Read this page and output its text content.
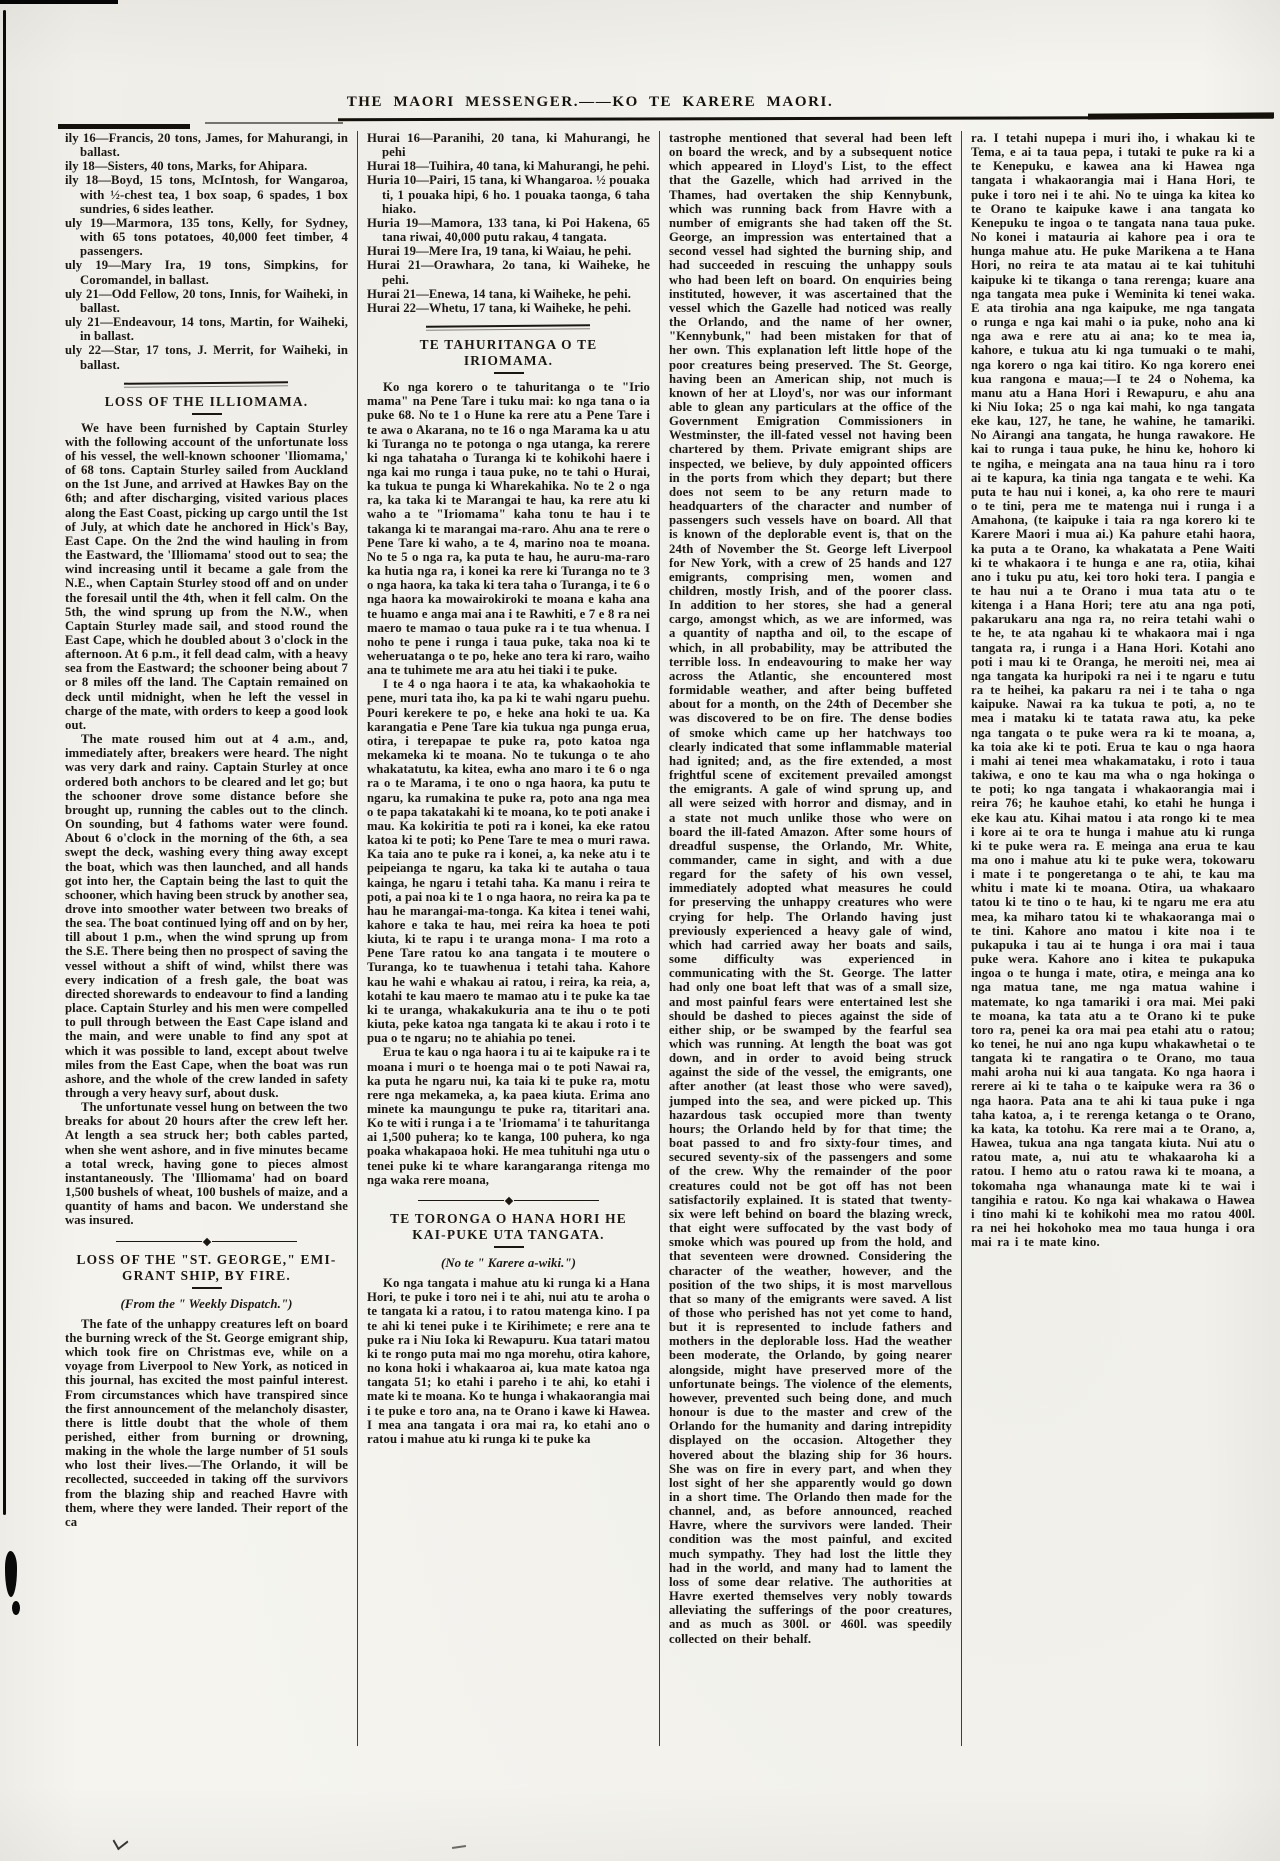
THE MAORI MESSENGER.——KO TE KARERE MAORI.
ily 16—Francis, 20 tons, James, for Mahurangi, in ballast.
ily 18—Sisters, 40 tons, Marks, for Ahipara.
ily 18—Boyd, 15 tons, McIntosh, for Wangaroa, with ½-chest tea, 1 box soap, 6 spades, 1 box sundries, 6 sides leather.
uly 19—Marmora, 135 tons, Kelly, for Sydney, with 65 tons potatoes, 40,000 feet timber, 4 passengers.
uly 19—Mary Ira, 19 tons, Simpkins, for Coromandel, in ballast.
uly 21—Odd Fellow, 20 tons, Innis, for Waiheki, in ballast.
uly 21—Endeavour, 14 tons, Martin, for Waiheki, in ballast.
uly 22—Star, 17 tons, J. Merrit, for Waiheki, in ballast.
LOSS OF THE ILLIOMAMA.
We have been furnished by Captain Sturley with the following account of the unfortunate loss of his vessel, the well-known schooner 'Iliomama,' of 68 tons. Captain Sturley sailed from Auckland on the 1st June, and arrived at Hawkes Bay on the 6th; and after discharging, visited various places along the East Coast, picking up cargo until the 1st of July, at which date he anchored in Hick's Bay, East Cape. On the 2nd the wind hauling in from the Eastward, the 'Illiomama' stood out to sea; the wind increasing until it became a gale from the N.E., when Captain Sturley stood off and on under the foresail until the 4th, when it fell calm. On the 5th, the wind sprung up from the N.W., when Captain Sturley made sail, and stood round the East Cape, which he doubled about 3 o'clock in the afternoon. At 6 p.m., it fell dead calm, with a heavy sea from the Eastward; the schooner being about 7 or 8 miles off the land. The Captain remained on deck until midnight, when he left the vessel in charge of the mate, with orders to keep a good look out.
The mate roused him out at 4 a.m., and, immediately after, breakers were heard. The night was very dark and rainy. Captain Sturley at once ordered both anchors to be cleared and let go; but the schooner drove some distance before she brought up, running the cables out to the clinch. On sounding, but 4 fathoms water were found. About 6 o'clock in the morning of the 6th, a sea swept the deck, washing every thing away except the boat, which was then launched, and all hands got into her, the Captain being the last to quit the schooner, which having been struck by another sea, drove into smoother water between two breaks of the sea. The boat continued lying off and on by her, till about 1 p.m., when the wind sprung up from the S.E. There being then no prospect of saving the vessel without a shift of wind, whilst there was every indication of a fresh gale, the boat was directed shorewards to endeavour to find a landing place. Captain Sturley and his men were compelled to pull through between the East Cape island and the main, and were unable to find any spot at which it was possible to land, except about twelve miles from the East Cape, when the boat was run ashore, and the whole of the crew landed in safety through a very heavy surf, about dusk.
The unfortunate vessel hung on between the two breaks for about 20 hours after the crew left her. At length a sea struck her; both cables parted, when she went ashore, and in five minutes became a total wreck, having gone to pieces almost instantaneously. The 'Illiomama' had on board 1,500 bushels of wheat, 100 bushels of maize, and a quantity of hams and bacon. We understand she was insured.
LOSS OF THE "ST. GEORGE," EMI-GRANT SHIP, BY FIRE.
(From the " Weekly Dispatch.")
The fate of the unhappy creatures left on board the burning wreck of the St. George emigrant ship, which took fire on Christmas eve, while on a voyage from Liverpool to New York, as noticed in this journal, has excited the most painful interest. From circumstances which have transpired since the first announcement of the melancholy disaster, there is little doubt that the whole of them perished, either from burning or drowning, making in the whole the large number of 51 souls who lost their lives.—The Orlando, it will be recollected, succeeded in taking off the survivors from the blazing ship and reached Havre with them, where they were landed. Their report of the ca
Hurai 16—Paranihi, 20 tana, ki Mahurangi, he pehi
Hurai 18—Tuihira, 40 tana, ki Mahurangi, he pehi.
Huria 10—Pairi, 15 tana, ki Whangaroa. ½ pouaka ti, 1 pouaka hipi, 6 ho. 1 pouaka taonga, 6 taha hiako.
Huria 19—Mamora, 133 tana, ki Poi Hakena, 65 tana riwai, 40,000 putu rakau, 4 tangata.
Hurai 19—Mere Ira, 19 tana, ki Waiau, he pehi.
Hurai 21—Orawhara, 2o tana, ki Waiheke, he pehi.
Hurai 21—Enewa, 14 tana, ki Waiheke, he pehi.
Hurai 22—Whetu, 17 tana, ki Waiheke, he pehi.
TE TAHURITANGA O TE IRIOMAMA.
Ko nga korero o te tahuritanga o te "Irio mama" na Pene Tare i tuku mai: ko nga tana o ia puke 68. No te 1 o Hune ka rere atu a Pene Tare i te awa o Akarana, no te 16 o nga Marama ka u atu ki Turanga no te potonga o nga utanga, ka rerere ki nga tahataha o Turanga ki te kohikohi haere i nga kai mo runga i taua puke, no te tahi o Hurai, ka tukua te punga ki Wharekahika. No te 2 o nga ra, ka taka ki te Marangai te hau, ka rere atu ki waho a te "Iriomama" kaha tonu te hau i te takanga ki te marangai ma-raro. Ahu ana te rere o Pene Tare ki waho, a te 4, marino noa te moana. No te 5 o nga ra, ka puta te hau, he auru-ma-raro ka hutia nga ra, i konei ka rere ki Turanga no te 3 o nga haora, ka taka ki tera taha o Turanga, i te 6 o nga haora ka mowairokiroki te moana e kaha ana te huamo e anga mai ana i te Rawhiti, e 7 e 8 ra nei maero te mamao o taua puke ra i te tua whenua. I noho te pene i runga i taua puke, taka noa ki te weheruatanga o te po, heke ano tera ki raro, waiho ana te tuhimete me ara atu hei tiaki i te puke.
I te 4 o nga haora i te ata, ka whakaohokia te pene, muri tata iho, ka pa ki te wahi ngaru puehu. Pouri kerekere te po, e heke ana hoki te ua. Ka karangatia e Pene Tare kia tukua nga punga erua, otira, i terepapae te puke ra, poto katoa nga mekameka ki te moana. No te tukunga o te aho whakatatutu, ka kitea, ewha ano maro i te 6 o nga ra o te Marama, i te ono o nga haora, ka putu te ngaru, ka rumakina te puke ra, poto ana nga mea o te papa takatakahi ki te moana, ko te poti anake i mau. Ka kokiritia te poti ra i konei, ka eke ratou katoa ki te poti; ko Pene Tare te mea o muri rawa. Ka taia ano te puke ra i konei, a, ka neke atu i te peipeianga te ngaru, ka taka ki te autaha o taua kainga, he ngaru i tetahi taha. Ka manu i reira te poti, a pai noa ki te 1 o nga haora, no reira ka pa te hau he marangai-ma-tonga. Ka kitea i tenei wahi, kahore e taka te hau, mei reira ka hoea te poti kiuta, ki te rapu i te uranga mona- I ma roto a Pene Tare ratou ko ana tangata i te moutere o Turanga, ko te tuawhenua i tetahi taha. Kahore kau he wahi e whakau ai ratou, i reira, ka reia, a, kotahi te kau maero te mamao atu i te puke ka tae ki te uranga, whakakukuria ana te ihu o te poti kiuta, peke katoa nga tangata ki te akau i roto i te pua o te ngaru; no te ahiahia po tenei.
Erua te kau o nga haora i tu ai te kaipuke ra i te moana i muri o te hoenga mai o te poti Nawai ra, ka puta he ngaru nui, ka taia ki te puke ra, motu rere nga mekameka, a, ka paea kiuta. Erima ano minete ka maungungu te puke ra, titaritari ana. Ko te witi i runga i a te 'Iriomama' i te tahuritanga ai 1,500 puhera; ko te kanga, 100 puhera, ko nga poaka whakapaoa hoki. He mea tuhituhi nga utu o tenei puke ki te whare karangaranga ritenga mo nga waka rere moana,
TE TORONGA O HANA HORI HE KAI-PUKE UTA TANGATA.
(No te " Karere a-wiki.")
Ko nga tangata i mahue atu ki runga ki a Hana Hori, te puke i toro nei i te ahi, nui atu te aroha o te tangata ki a ratou, i to ratou matenga kino. I pa te ahi ki tenei puke i te Kirihimete; e rere ana te puke ra i Niu Ioka ki Rewapuru. Kua tatari matou ki te rongo puta mai mo nga morehu, otira kahore, no kona hoki i whakaaroa ai, kua mate katoa nga tangata 51; ko etahi i pareho i te ahi, ko etahi i mate ki te moana. Ko te hunga i whakaorangia mai i te puke e toro ana, na te Orano i kawe ki Hawea. I mea ana tangata i ora mai ra, ko etahi ano o ratou i mahue atu ki runga ki te puke ka
tastrophe mentioned that several had been left on board the wreck, and by a subsequent notice which appeared in Lloyd's List, to the effect that the Gazelle, which had arrived in the Thames, had overtaken the ship Kennybunk, which was running back from Havre with a number of emigrants she had taken off the St. George, an impression was entertained that a second vessel had sighted the burning ship, and had succeeded in rescuing the unhappy souls who had been left on board. On enquiries being instituted, however, it was ascertained that the vessel which the Gazelle had noticed was really the Orlando, and the name of her owner, "Kennybunk," had been mistaken for that of her own. This explanation left little hope of the poor creatures being preserved. The St. George, having been an American ship, not much is known of her at Lloyd's, nor was our informant able to glean any particulars at the office of the Government Emigration Commissioners in Westminster, the ill-fated vessel not having been chartered by them. Private emigrant ships are inspected, we believe, by duly appointed officers in the ports from which they depart; but there does not seem to be any return made to headquarters of the character and number of passengers such vessels have on board. All that is known of the deplorable event is, that on the 24th of November the St. George left Liverpool for New York, with a crew of 25 hands and 127 emigrants, comprising men, women and children, mostly Irish, and of the poorer class. In addition to her stores, she had a general cargo, amongst which, as we are informed, was a quantity of naptha and oil, to the escape of which, in all probability, may be attributed the terrible loss. In endeavouring to make her way across the Atlantic, she encountered most formidable weather, and after being buffeted about for a month, on the 24th of December she was discovered to be on fire. The dense bodies of smoke which came up her hatchways too clearly indicated that some inflammable material had ignited; and, as the fire extended, a most frightful scene of excitement prevailed amongst the emigrants. A gale of wind sprung up, and all were seized with horror and dismay, and in a state not much unlike those who were on board the ill-fated Amazon. After some hours of dreadful suspense, the Orlando, Mr. White, commander, came in sight, and with a due regard for the safety of his own vessel, immediately adopted what measures he could for preserving the unhappy creatures who were crying for help. The Orlando having just previously experienced a heavy gale of wind, which had carried away her boats and sails, some difficulty was experienced in communicating with the St. George. The latter had only one boat left that was of a small size, and most painful fears were entertained lest she should be dashed to pieces against the side of either ship, or be swamped by the fearful sea which was running. At length the boat was got down, and in order to avoid being struck against the side of the vessel, the emigrants, one after another (at least those who were saved), jumped into the sea, and were picked up. This hazardous task occupied more than twenty hours; the Orlando held by for that time; the boat passed to and fro sixty-four times, and secured seventy-six of the passengers and some of the crew. Why the remainder of the poor creatures could not be got off has not been satisfactorily explained. It is stated that twenty-six were left behind on board the blazing wreck, that eight were suffocated by the vast body of smoke which was poured up from the hold, and that seventeen were drowned. Considering the character of the weather, however, and the position of the two ships, it is most marvellous that so many of the emigrants were saved. A list of those who perished has not yet come to hand, but it is represented to include fathers and mothers in the deplorable loss. Had the weather been moderate, the Orlando, by going nearer alongside, might have preserved more of the unfortunate beings. The violence of the elements, however, prevented such being done, and much honour is due to the master and crew of the Orlando for the humanity and daring intrepidity displayed on the occasion. Altogether they hovered about the blazing ship for 36 hours. She was on fire in every part, and when they lost sight of her she apparently would go down in a short time. The Orlando then made for the channel, and, as before announced, reached Havre, where the survivors were landed. Their condition was the most painful, and excited much sympathy. They had lost the little they had in the world, and many had to lament the loss of some dear relative. The authorities at Havre exerted themselves very nobly towards alleviating the sufferings of the poor creatures, and as much as 300l. or 460l. was speedily collected on their behalf.
ra. I tetahi nupepa i muri iho, i whakau ki te Tema, e ai ta taua pepa, i tutaki te puke ra ki a te Kenepuku, e kawea ana ki Hawea nga tangata i whakaorangia mai i Hana Hori, te puke i toro nei i te ahi. No te uinga ka kitea ko te Orano te kaipuke kawe i ana tangata ko Kenepuku te ingoa o te tangata nana taua puke. No konei i matauria ai kahore pea i ora te hunga mahue atu. He puke Marikena a te Hana Hori, no reira te ata matau ai te kai tuhituhi kaipuke ki te tikanga o tana rerenga; kuare ana nga tangata mea puke i Weminita ki tenei waka. E ata tirohia ana nga kaipuke, me nga tangata o runga e nga kai mahi o ia puke, noho ana ki nga awa e rere atu ai ana; ko te mea ia, kahore, e tukua atu ki nga tumuaki o te mahi, nga korero o nga kai titiro. Ko nga korero enei kua rangona e maua;—I te 24 o Nohema, ka manu atu a Hana Hori i Rewapuru, e ahu ana ki Niu Ioka; 25 o nga kai mahi, ko nga tangata eke kau, 127, he tane, he wahine, he tamariki. No Airangi ana tangata, he hunga rawakore. He kai to runga i taua puke, he hinu ke, hohoro ki te ngiha, e meingata ana na taua hinu ra i toro ai te kapura, ka tinia nga tangata e te wehi. Ka puta te hau nui i konei, a, ka oho rere te mauri o te tini, pera me te matenga nui i runga i a Amahona, (te kaipuke i taia ra nga korero ki te Karere Maori i mua ai.) Ka pahure etahi haora, ka puta a te Orano, ka whakatata a Pene Waiti ki te whakaora i te hunga e ane ra, otiia, kihai ano i tuku pu atu, kei toro hoki tera. I pangia e te hau nui a te Orano i mua tata atu o te kitenga i a Hana Hori; tere atu ana nga poti, pakarukaru ana nga ra, no reira tetahi wahi o te he, te ata ngahau ki te whakaora mai i nga tangata ra, i runga i a Hana Hori. Kotahi ano poti i mau ki te Oranga, he meroiti nei, mea ai nga tangata ka huripoki ra nei i te ngaru e tutu ra te heihei, ka pakaru ra nei i te taha o nga kaipuke. Nawai ra ka tukua te poti, a, no te mea i mataku ki te tatata rawa atu, ka peke nga tangata o te puke wera ra ki te moana, a, ka toia ake ki te poti. Erua te kau o nga haora i mahi ai tenei mea whakamataku, i roto i taua takiwa, e ono te kau ma wha o nga hokinga o te poti; ko nga tangata i whakaorangia mai i reira 76; he kauhoe etahi, ko etahi he hunga i eke kau atu. Kihai matou i ata rongo ki te mea i kore ai te ora te hunga i mahue atu ki runga ki te puke wera ra. E meinga ana erua te kau ma ono i mahue atu ki te puke wera, tokowaru i mate i te pongeretanga o te ahi, te kau ma whitu i mate ki te moana. Otira, ua whakaaro tatou ki te tino o te hau, ki te ngaru me era atu mea, ka miharo tatou ki te whakaoranga mai o te tini. Kahore ano matou i kite noa i te pukapuka i tau ai te hunga i ora mai i taua puke wera. Kahore ano i kitea te pukapuka ingoa o te hunga i mate, otira, e meinga ana ko nga matua tane, me nga matua wahine i matemate, ko nga tamariki i ora mai. Mei paki te moana, ka tata atu a te Orano ki te puke toro ra, penei ka ora mai pea etahi atu o ratou; ko tenei, he nui ano nga kupu whakawhetai o te tangata ki te rangatira o te Orano, mo taua mahi aroha nui ki aua tangata. Ko nga haora i rerere ai ki te taha o te kaipuke wera ra 36 o nga haora. Pata ana te ahi ki taua puke i nga taha katoa, a, i te rerenga ketanga o te Orano, ka kata, ka totohu. Ka rere mai a te Orano, a, Hawea, tukua ana nga tangata kiuta. Nui atu o ratou mate, a, nui atu te whakaaroha ki a ratou. I hemo atu o ratou rawa ki te moana, a tokomaha nga whanaunga mate ki te wai i tangihia e ratou. Ko nga kai whakawa o Hawea i tino mahi ki te kohikohi mea mo ratou 400l. ra nei hei hokohoko mea mo taua hunga i ora mai ra i te mate kino.
